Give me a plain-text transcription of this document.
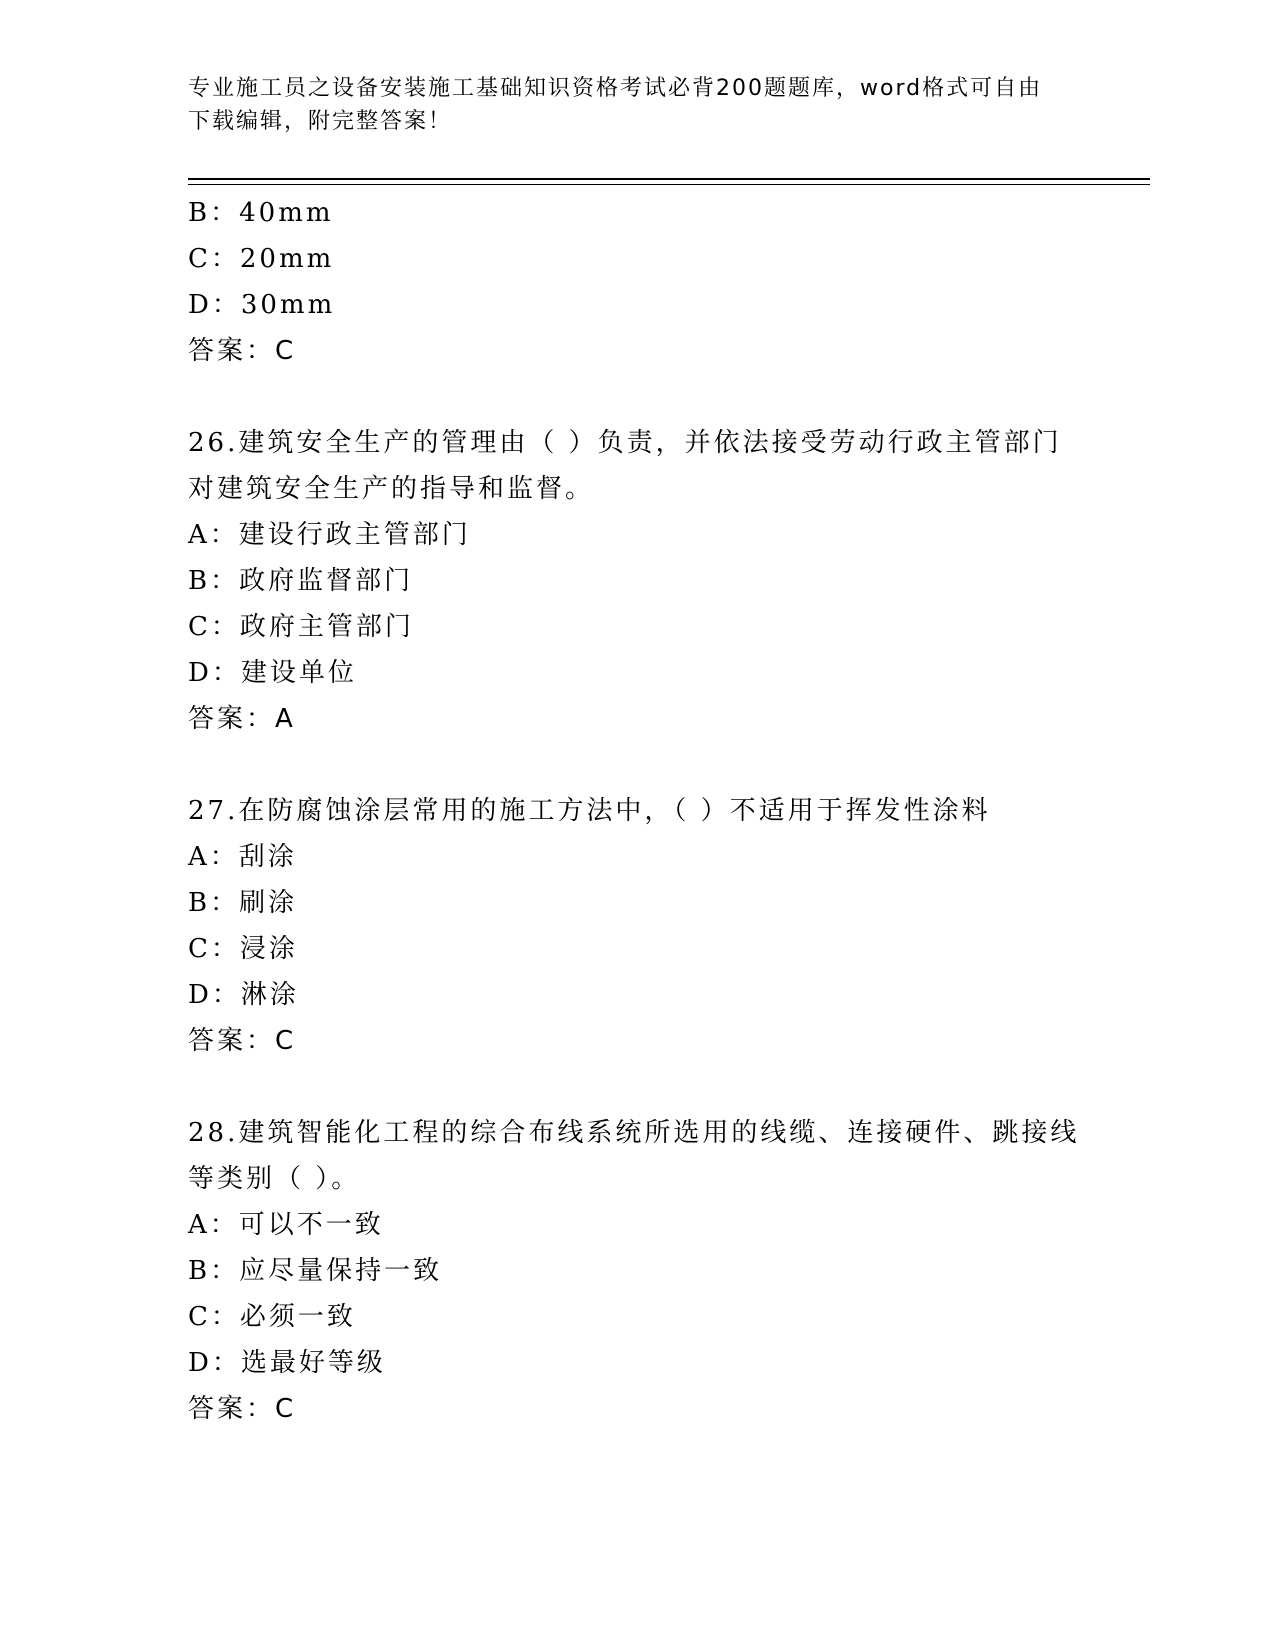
专业施工员之设备安装施工基础知识资格考试必背200题题库，word格式可自由
下载编辑，附完整答案！
B：40mm
C：20mm
D：30mm
答案：C
26.建筑安全生产的管理由（ ）负责，并依法接受劳动行政主管部门
对建筑安全生产的指导和监督。
A：建设行政主管部门
B：政府监督部门
C：政府主管部门
D：建设单位
答案：A
27.在防腐蚀涂层常用的施工方法中，（ ）不适用于挥发性涂料
A：刮涂
B：刷涂
C：浸涂
D：淋涂
答案：C
28.建筑智能化工程的综合布线系统所选用的线缆、连接硬件、跳接线
等类别（ ）。
A：可以不一致
B：应尽量保持一致
C：必须一致
D：选最好等级
答案：C
